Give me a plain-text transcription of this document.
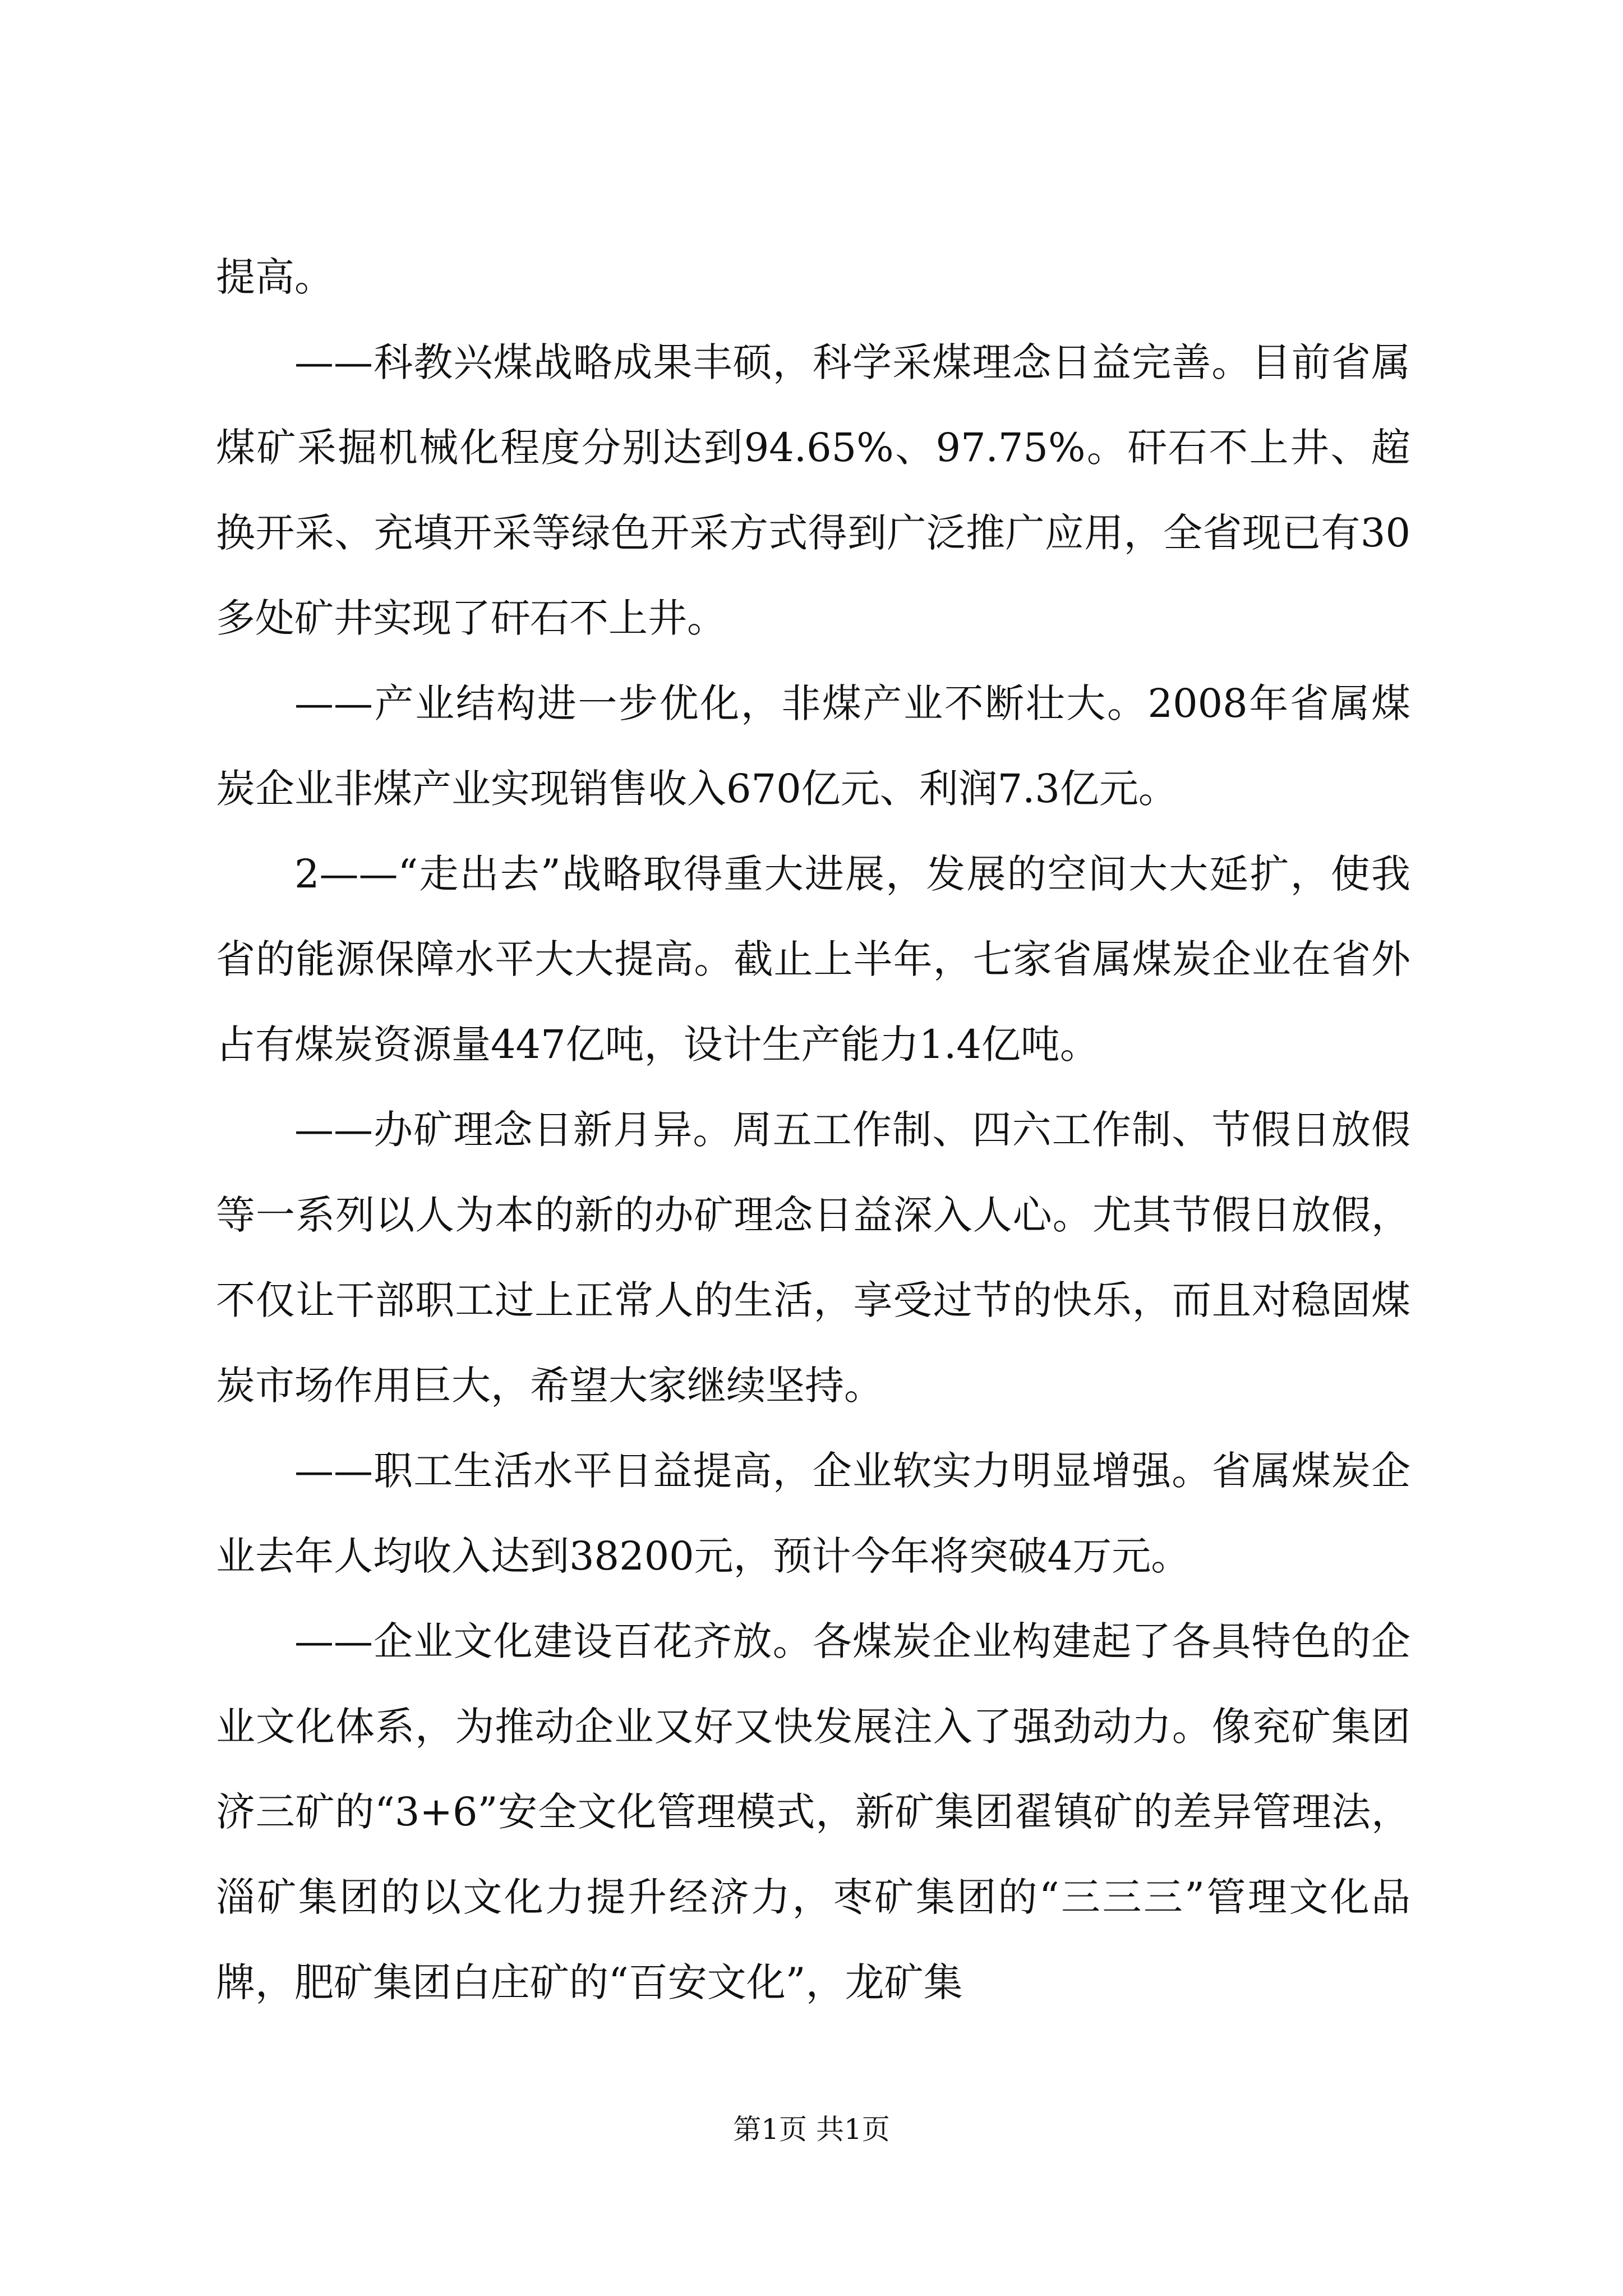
提高。

——科教兴煤战略成果丰硕，科学采煤理念日益完善。目前省属煤矿采掘机械化程度分别达到94.65%、97.75%。矸石不上井、趤换开采、充填开采等绿色开采方式得到广泛推广应用，全省现已有30多处矿井实现了矸石不上井。

——产业结构进一步优化，非煤产业不断壮大。2008年省属煤炭企业非煤产业实现销售收入670亿元、利润7.3亿元。

2——“走出去”战略取得重大进展，发展的空间大大延扩，使我省的能源保障水平大大提高。截止上半年，七家省属煤炭企业在省外占有煤炭资源量447亿吨，设计生产能力1.4亿吨。

——办矿理念日新月异。周五工作制、四六工作制、节假日放假等一系列以人为本的新的办矿理念日益深入人心。尤其节假日放假，不仅让干部职工过上正常人的生活，享受过节的快乐，而且对稳固煤炭市场作用巨大，希望大家继续坚持。

——职工生活水平日益提高，企业软实力明显增强。省属煤炭企业去年人均收入达到38200元，预计今年将突破4万元。

——企业文化建设百花齐放。各煤炭企业构建起了各具特色的企业文化体系，为推动企业又好又快发展注入了强劲动力。像兖矿集团济三矿的“3+6”安全文化管理模式，新矿集团翟镇矿的差异管理法，淄矿集团的以文化力提升经济力，枣矿集团的“三三三”管理文化品牌，肥矿集团白庄矿的“百安文化”，龙矿集

第1页 共1页
